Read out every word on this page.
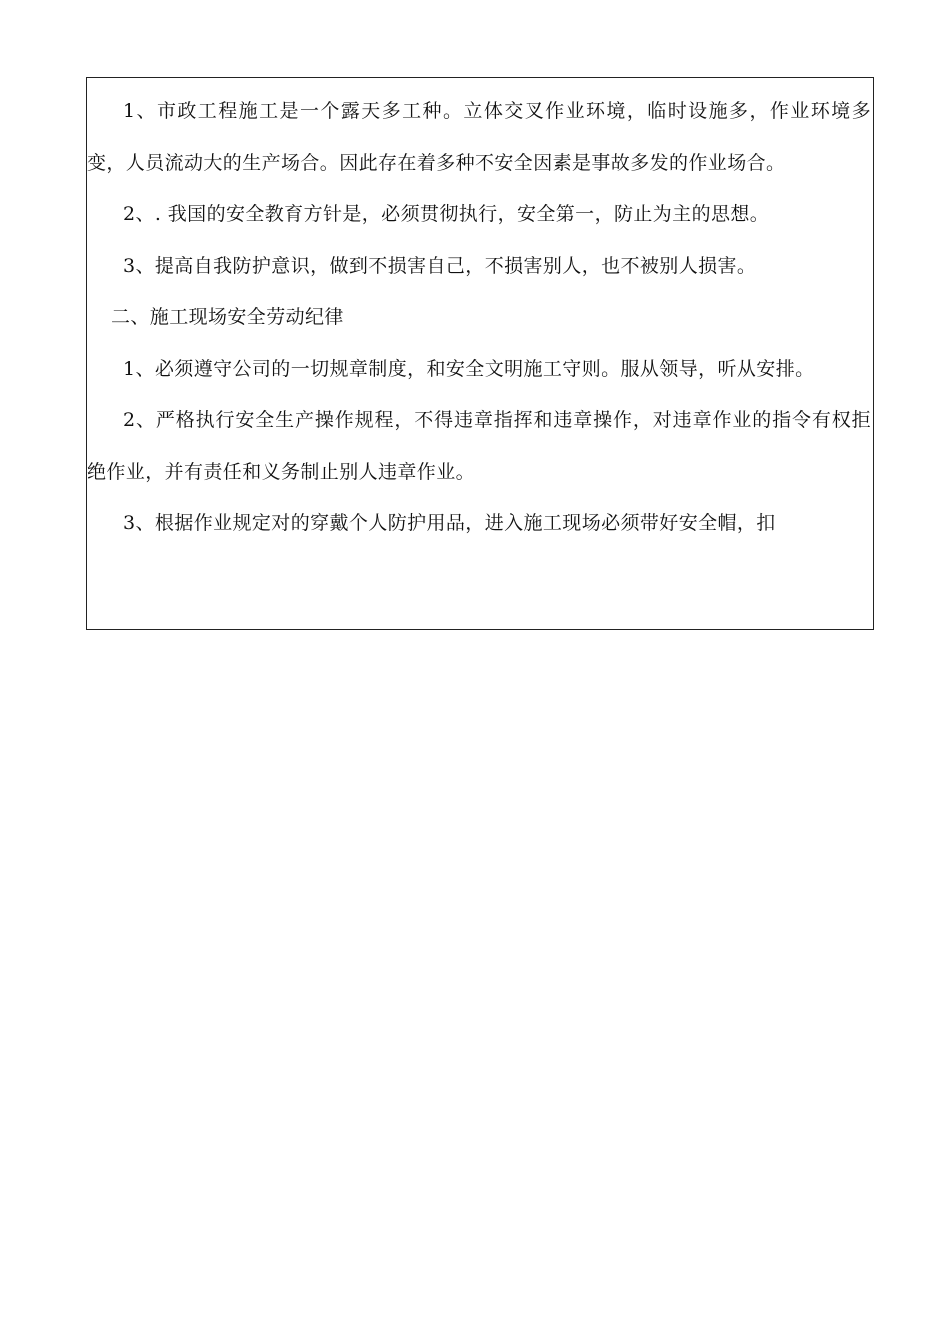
1、市政工程施工是一个露天多工种。立体交叉作业环境，临时设施多，作业环境多变，人员流动大的生产场合。因此存在着多种不安全因素是事故多发的作业场合。

2、. 我国的安全教育方针是，必须贯彻执行，安全第一，防止为主的思想。

3、提高自我防护意识，做到不损害自己，不损害别人，也不被别人损害。

二、施工现场安全劳动纪律

1、必须遵守公司的一切规章制度，和安全文明施工守则。服从领导，听从安排。

2、严格执行安全生产操作规程，不得违章指挥和违章操作，对违章作业的指令有权拒绝作业，并有责任和义务制止别人违章作业。

3、根据作业规定对的穿戴个人防护用品，进入施工现场必须带好安全帽，扣
